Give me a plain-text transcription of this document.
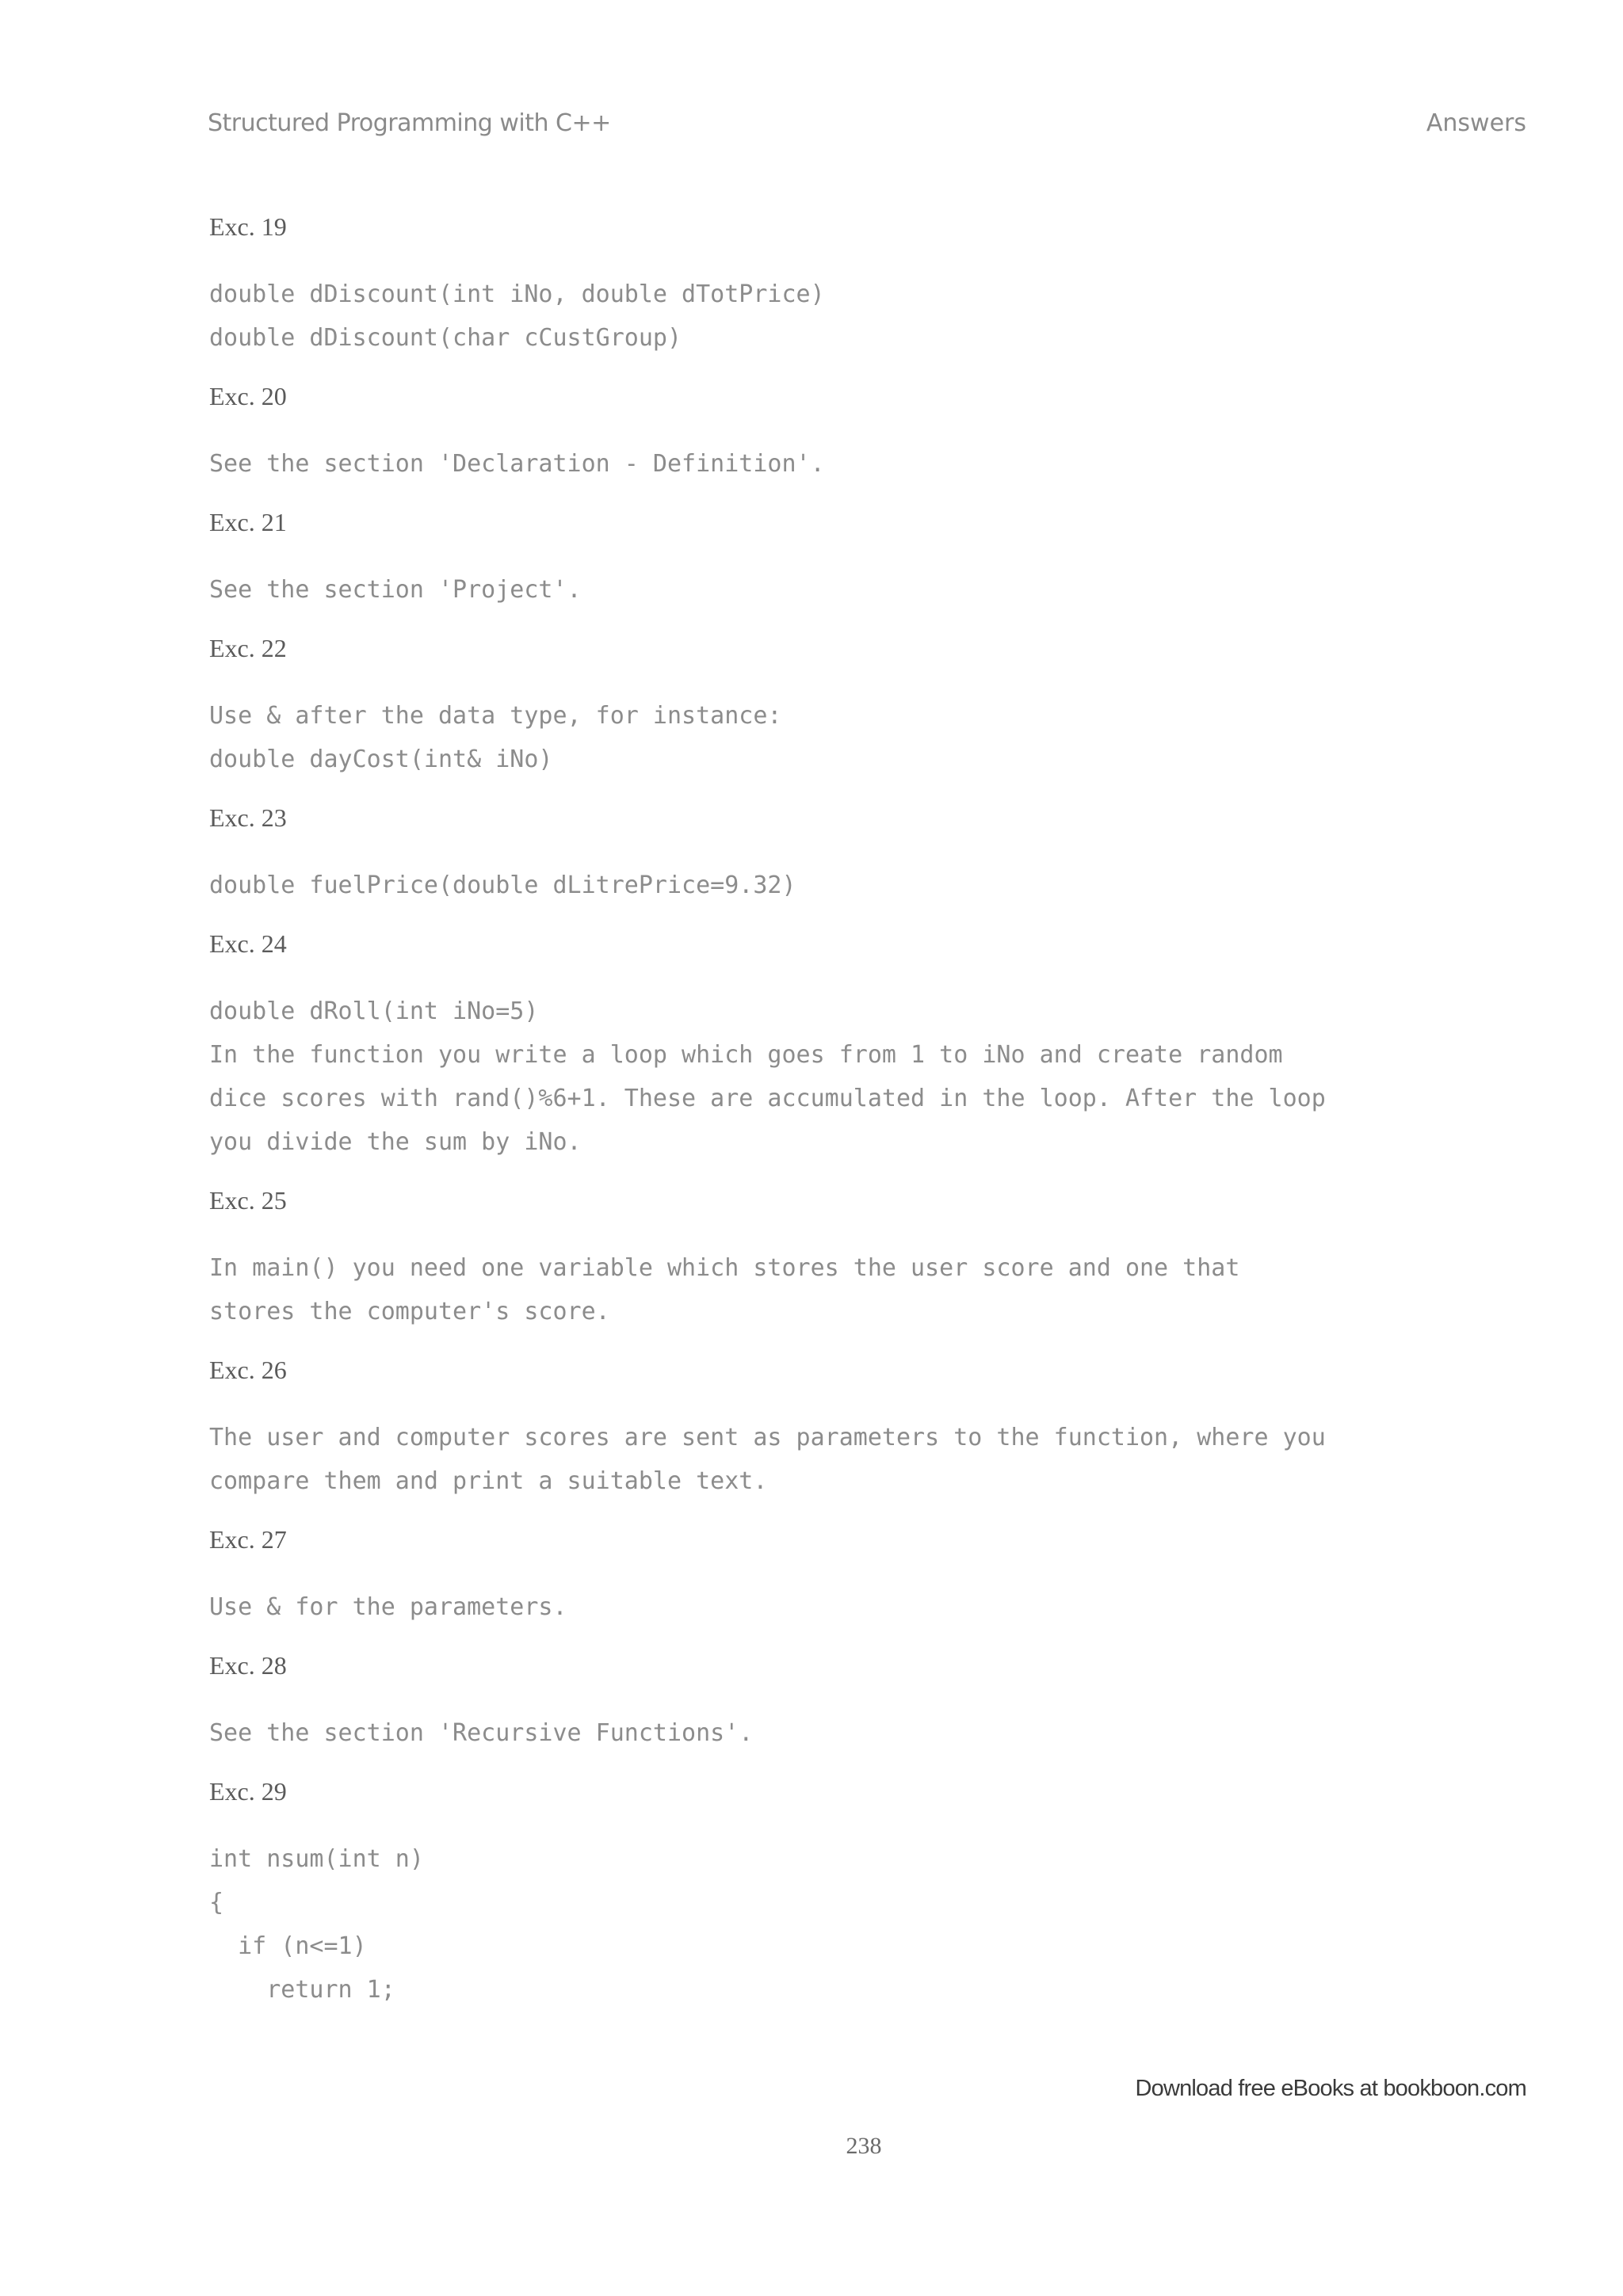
Structured Programming with C++	Answers
Exc. 19
double dDiscount(int iNo, double dTotPrice)
double dDiscount(char cCustGroup)
Exc. 20
See the section 'Declaration - Definition'.
Exc. 21
See the section 'Project'.
Exc. 22
Use & after the data type, for instance:
double dayCost(int& iNo)
Exc. 23
double fuelPrice(double dLitrePrice=9.32)
Exc. 24
double dRoll(int iNo=5)
In the function you write a loop which goes from 1 to iNo and create random
dice scores with rand()%6+1. These are accumulated in the loop. After the loop
you divide the sum by iNo.
Exc. 25
In main() you need one variable which stores the user score and one that
stores the computer's score.
Exc. 26
The user and computer scores are sent as parameters to the function, where you
compare them and print a suitable text.
Exc. 27
Use & for the parameters.
Exc. 28
See the section 'Recursive Functions'.
Exc. 29
int nsum(int n)
{
if (n<=1)
return 1;
Download free eBooks at bookboon.com
238
